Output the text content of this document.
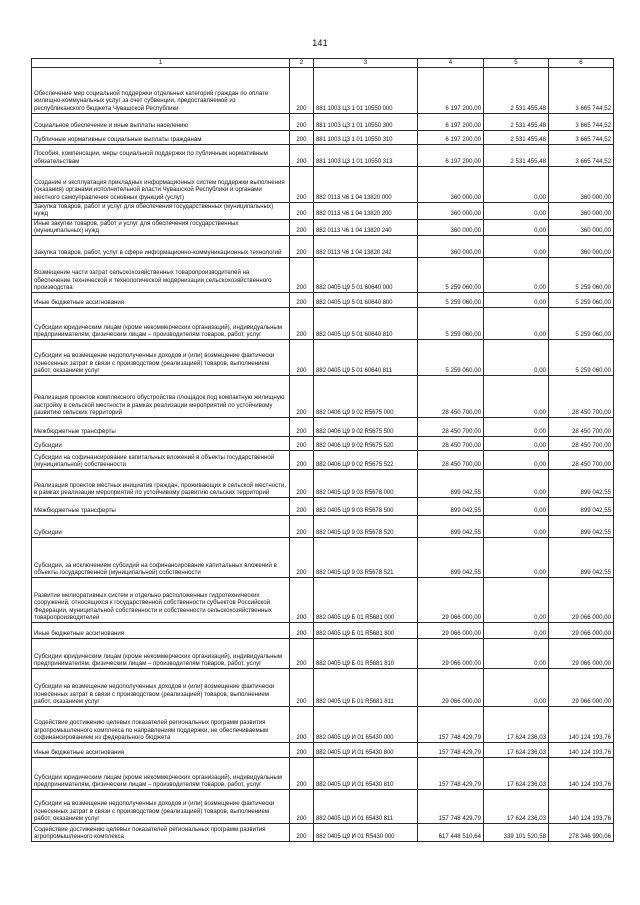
141
1	2	3	4	5	6
Обеспечение мер социальной поддержки отдельных категорий граждан по оплате жилищно-коммунальных услуг за счет субвенции, предоставляемой из республиканского бюджета Чувашской Республики	200	881 1003 Ц3 1 01 10550 000	6 197 200,00	2 531 455,48	3 665 744,52
Социальное обеспечение и иные выплаты населению	200	881 1003 Ц3 1 01 10550 300	6 197 200,00	2 531 455,48	3 665 744,52
Публичные нормативные социальные выплаты гражданам	200	881 1003 Ц3 1 01 10550 310	6 197 200,00	2 531 455,48	3 665 744,52
Пособия, компенсации, меры социальной поддержки по публичным нормативным обязательствам	200	881 1003 Ц3 1 01 10550 313	6 197 200,00	2 531 455,48	3 665 744,52
Создание и эксплуатация прикладных информационных систем поддержки выполнения (оказания) органами исполнительной власти Чувашской Республики и органами местного самоуправления основных функций (услуг)	200	882 0113 Ч6 1 04 13820 000	360 000,00	0,00	360 000,00
Закупка товаров, работ и услуг для обеспечения государственных (муниципальных) нужд	200	882 0113 Ч6 1 04 13820 200	360 000,00	0,00	360 000,00
Иные закупки товаров, работ и услуг для обеспечения государственных (муниципальных) нужд	200	882 0113 Ч6 1 04 13820 240	360 000,00	0,00	360 000,00
Закупка товаров, работ, услуг в сфере информационно-коммуникационных технологий	200	882 0113 Ч6 1 04 13820 242	360 000,00	0,00	360 000,00
Возмещение части затрат сельскохозяйственных товаропроизводителей на обеспечение технической и технологической модернизации сельскохозяйственного производства	200	882 0405 Ц9 5 01 60640 000	5 259 060,00	0,00	5 259 060,00
Иные бюджетные ассигнования	200	882 0405 Ц9 5 01 60640 800	5 259 060,00	0,00	5 259 060,00
Субсидии юридическим лицам (кроме некоммерческих организаций), индивидуальным предпринимателям, физическим лицам – производителям товаров, работ, услуг	200	882 0405 Ц9 5 01 60640 810	5 259 060,00	0,00	5 259 060,00
Субсидии на возмещение недополученных доходов и (или) возмещение фактически понесенных затрат в связи с производством (реализацией) товаров, выполнением работ, оказанием услуг	200	882 0405 Ц9 5 01 60640 811	5 259 060,00	0,00	5 259 060,00
Реализация проектов комплексного обустройства площадок под компактную жилищную застройку в сельской местности в рамках реализации мероприятий по устойчивому развитию сельских территорий	200	882 0406 Ц9 9 02 R5675 000	28 450 700,00	0,00	28 450 700,00
Межбюджетные трансферты	200	882 0406 Ц9 9 02 R5675 500	28 450 700,00	0,00	28 450 700,00
Субсидии	200	882 0406 Ц9 9 02 R5675 520	28 450 700,00	0,00	28 450 700,00
Субсидии на софинансирование капитальных вложений в объекты государственной (муниципальной) собственности	200	882 0406 Ц9 9 02 R5675 522	28 450 700,00	0,00	28 450 700,00
Реализация проектов местных инициатив граждан, проживающих в сельской местности, в рамках реализации мероприятий по устойчивому развитию сельских территорий	200	882 0405 Ц9 9 03 R5678 000	899 042,55	0,00	899 042,55
Межбюджетные трансферты	200	882 0405 Ц9 9 03 R5678 500	899 042,55	0,00	899 042,55
Субсидии	200	882 0405 Ц9 9 03 R5678 520	899 042,55	0,00	899 042,55
Субсидии, за исключением субсидий на софинансирование капитальных вложений в объекты государственной (муниципальной) собственности	200	882 0405 Ц9 9 03 R5678 521	899 042,55	0,00	899 042,55
Развитие мелиоративных систем и отдельно расположенных гидротехнических сооружений, относящихся к государственной собственности субъектов Российской Федерации, муниципальной собственности и собственности сельскохозяйственных товаропроизводителей	200	882 0405 Ц9 Б 01 R5681 000	29 066 000,00	0,00	29 066 000,00
Иные бюджетные ассигнования	200	882 0405 Ц9 Б 01 R5681 800	29 066 000,00	0,00	29 066 000,00
Субсидии юридическим лицам (кроме некоммерческих организаций), индивидуальным предпринимателям, физическим лицам – производителям товаров, работ, услуг	200	882 0405 Ц9 Б 01 R5681 810	29 066 000,00	0,00	29 066 000,00
Субсидии на возмещение недополученных доходов и (или) возмещение фактически понесенных затрат в связи с производством (реализацией) товаров, выполнением работ, оказанием услуг	200	882 0405 Ц9 Б 01 R5681 811	29 066 000,00	0,00	29 066 000,00
Содействие достижению целевых показателей региональных программ развития агропромышленного комплекса по направлениям поддержки, не обеспечиваемым софинансированием из федерального бюджета	200	882 0405 Ц9 И 01 65430 000	157 748 429,79	17 624 236,03	140 124 193,76
Иные бюджетные ассигнования	200	882 0405 Ц9 И 01 65430 800	157 748 429,79	17 624 236,03	140 124 193,76
Субсидии юридическим лицам (кроме некоммерческих организаций), индивидуальным предпринимателям, физическим лицам – производителям товаров, работ, услуг	200	882 0405 Ц9 И 01 65430 810	157 748 429,79	17 624 236,03	140 124 193,76
Субсидии на возмещение недополученных доходов и (или) возмещение фактически понесенных затрат в связи с производством (реализацией) товаров, выполнением работ, оказанием услуг	200	882 0405 Ц9 И 01 65430 811	157 748 429,79	17 624 236,03	140 124 193,76
Содействие достижению целевых показателей региональных программ развития агропромышленного комплекса	200	882 0405 Ц9 И 01 R5430 000	617 448 510,64	339 101 520,58	278 346 990,06
